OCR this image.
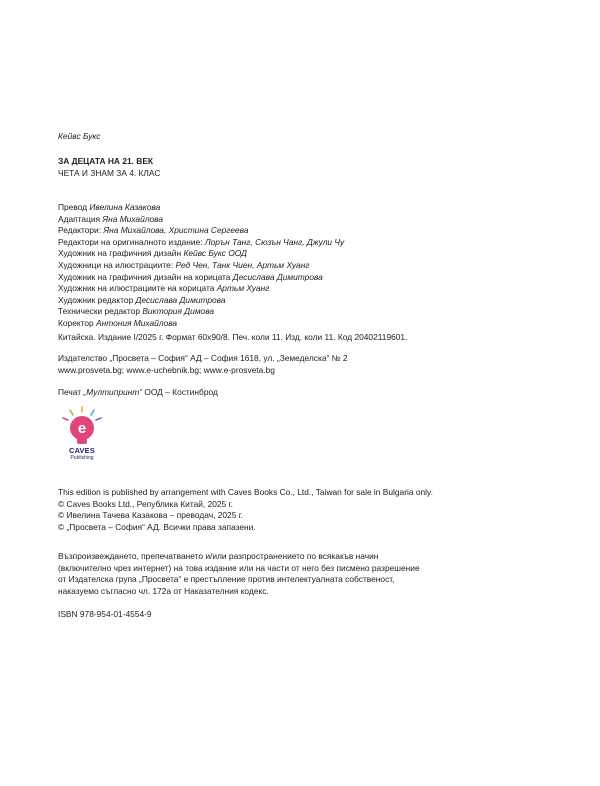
Кейвс Букс
ЗА ДЕЦАТА НА 21. ВЕК
ЧЕТА И ЗНАМ ЗА 4. КЛАС
Превод Ивелина Казакова
Адаптация Яна Михайлова
Редактори: Яна Михайлова, Христина Сергеева
Редактори на оригиналното издание: Лорън Танг, Сюзън Чанг, Джули Чу
Художник на графичния дизайн Кейвс Букс ООД
Художници на илюстрациите: Ред Чен, Танк Чиен, Артьм Хуанг
Художник на графичния дизайн на корицата Десислава Димитрова
Художник на илюстрациите на корицата Артьм Хуанг
Художник редактор Десислава Димитрова
Технически редактор Виктория Димова
Коректор Антония Михайлова
Китайска. Издание I/2025 г. Формат 60x90/8. Печ. коли 11. Изд. коли 11. Код 20402119601.
Издателство „Просвета – София“ АД – София 1618, ул. „Земеделска“ № 2
www.prosveta.bg; www.e-uchebnik.bg; www.e-prosveta.bg
Печат „Мултипринт“ ООД – Костинброд
e
CAVES
Publishing
This edition is published by arrangement with Caves Books Co., Ltd., Taiwan for sale in Bulgaria only.
© Caves Books Ltd., Република Китай, 2025 г.
© Ивелина Тачева Казакова – преводач, 2025 г.
© „Просвета – София“ АД. Всички права запазени.
Възпроизвеждането, препечатването и/или разпространението по всякакъв начин
(включително чрез интернет) на това издание или на части от него без писмено разрешение
от Издателска група „Просвета“ е престъпление против интелектуалната собственост,
наказуемо съгласно чл. 172а от Наказателния кодекс.
ISBN 978-954-01-4554-9
